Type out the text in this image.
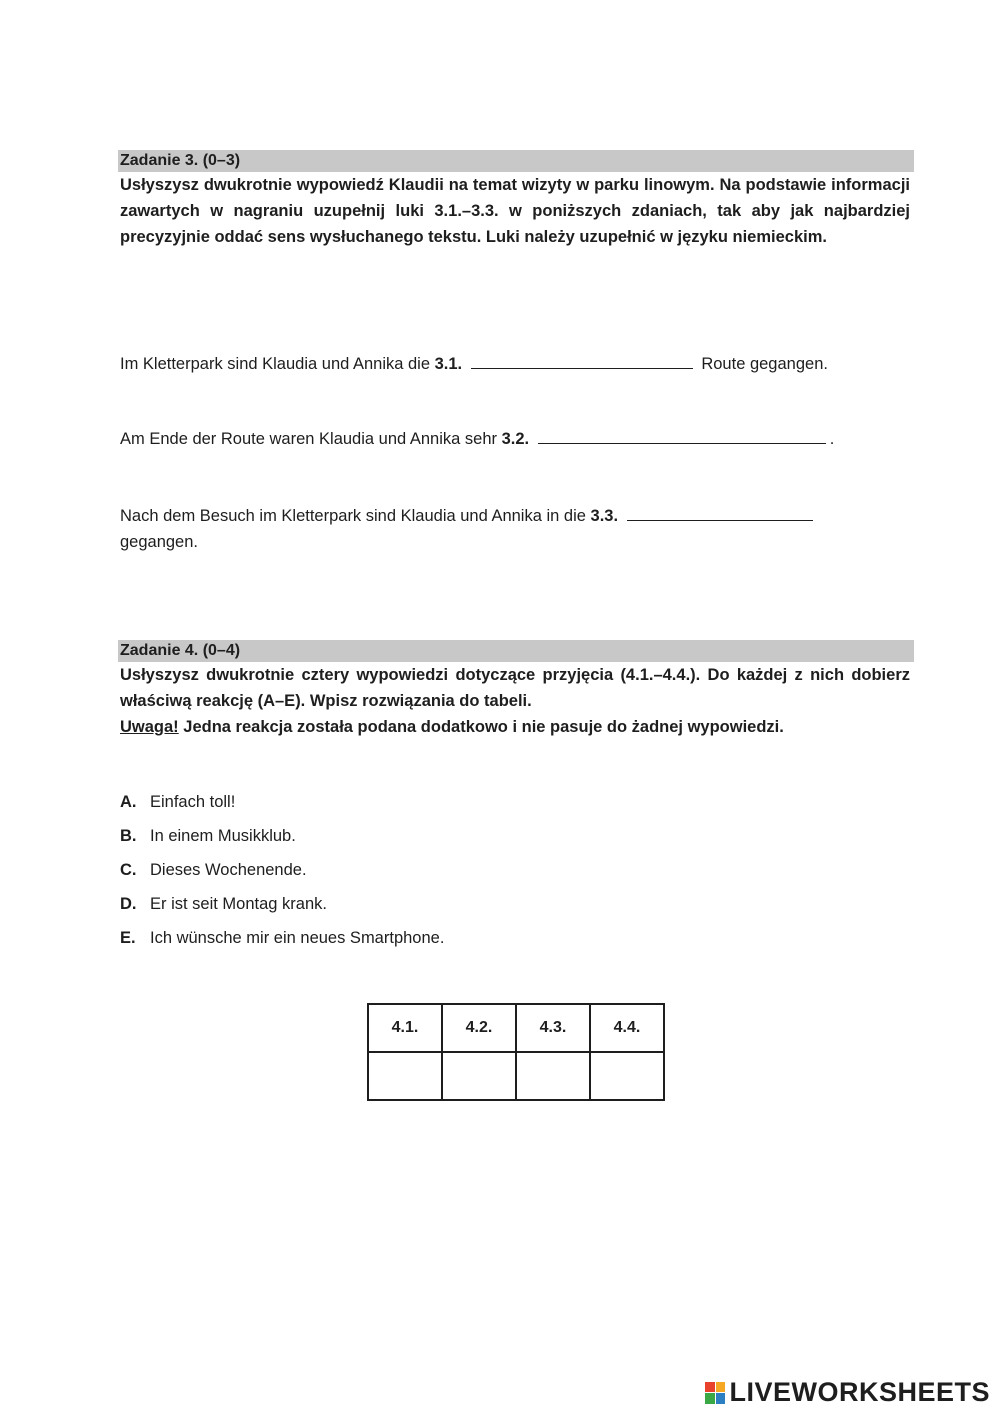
Zadanie 3. (0–3)

Usłyszysz dwukrotnie wypowiedź Klaudii na temat wizyty w parku linowym. Na podstawie informacji zawartych w nagraniu uzupełnij luki 3.1.–3.3. w poniższych zdaniach, tak aby jak najbardziej precyzyjnie oddać sens wysłuchanego tekstu. Luki należy uzupełnić w języku niemieckim.

Im Kletterpark sind Klaudia und Annika die 3.1.	Route gegangen.
Am Ende der Route waren Klaudia und Annika sehr 3.2.	.
Nach dem Besuch im Kletterpark sind Klaudia und Annika in die 3.3.
gegangen.
Zadanie 4. (0–4)

Usłyszysz dwukrotnie cztery wypowiedzi dotyczące przyjęcia (4.1.–4.4.). Do każdej z nich dobierz właściwą reakcję (A–E). Wpisz rozwiązania do tabeli.

Uwaga! Jedna reakcja została podana dodatkowo i nie pasuje do żadnej wypowiedzi.

A. Einfach toll!
B. In einem Musikklub.
C. Dieses Wochenende.
D. Er ist seit Montag krank.
E. Ich wünsche mir ein neues Smartphone.
4.1.	4.2.	4.3.	4.4.

LIVEWORKSHEETS
